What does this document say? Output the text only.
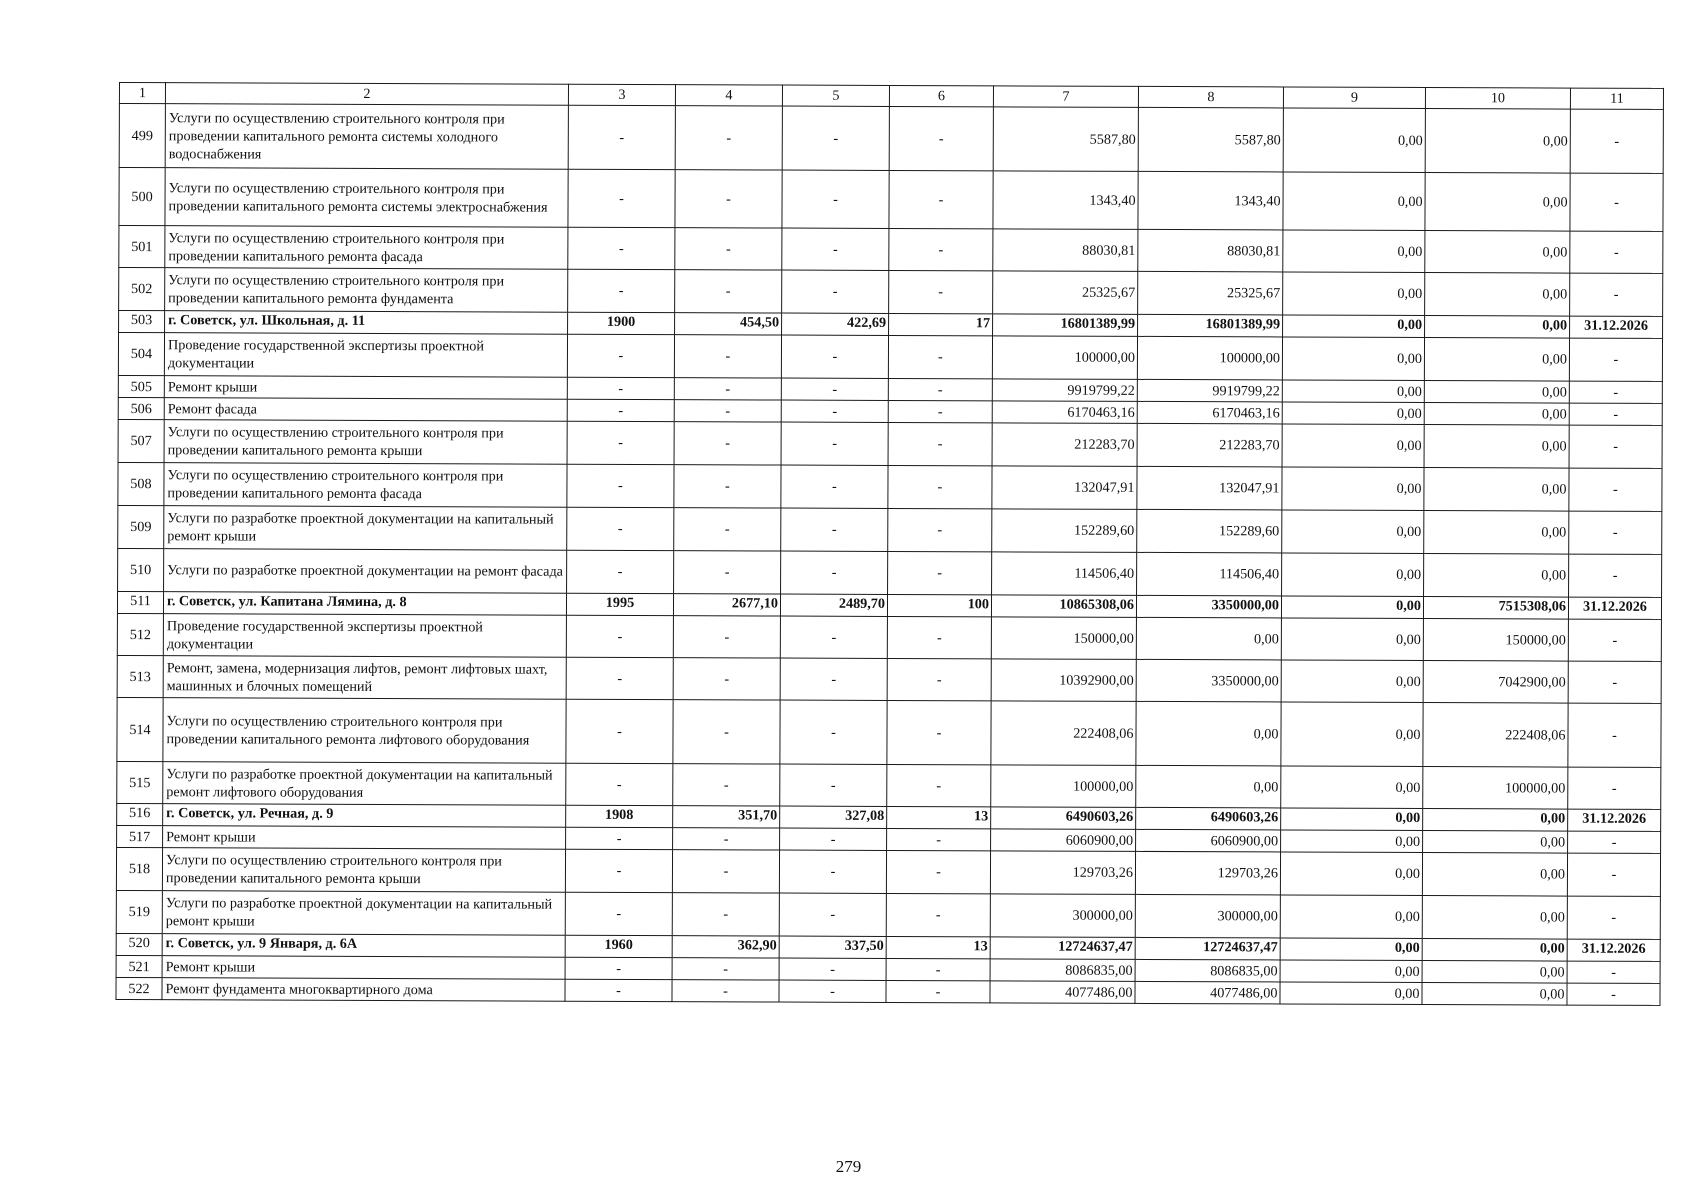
1	2	3	4	5	6	7	8	9	10	11
499	Услуги по осуществлению строительного контроля при проведении капитального ремонта системы холодного водоснабжения	-	-	-	-	5587,80	5587,80	0,00	0,00	-
500	Услуги по осуществлению строительного контроля при проведении капитального ремонта системы электроснабжения	-	-	-	-	1343,40	1343,40	0,00	0,00	-
501	Услуги по осуществлению строительного контроля при проведении капитального ремонта фасада	-	-	-	-	88030,81	88030,81	0,00	0,00	-
502	Услуги по осуществлению строительного контроля при проведении капитального ремонта фундамента	-	-	-	-	25325,67	25325,67	0,00	0,00	-
503	г. Советск, ул. Школьная, д. 11	1900	454,50	422,69	17	16801389,99	16801389,99	0,00	0,00	31.12.2026
504	Проведение государственной экспертизы проектной документации	-	-	-	-	100000,00	100000,00	0,00	0,00	-
505	Ремонт крыши	-	-	-	-	9919799,22	9919799,22	0,00	0,00	-
506	Ремонт фасада	-	-	-	-	6170463,16	6170463,16	0,00	0,00	-
507	Услуги по осуществлению строительного контроля при проведении капитального ремонта крыши	-	-	-	-	212283,70	212283,70	0,00	0,00	-
508	Услуги по осуществлению строительного контроля при проведении капитального ремонта фасада	-	-	-	-	132047,91	132047,91	0,00	0,00	-
509	Услуги по разработке проектной документации на капитальный ремонт крыши	-	-	-	-	152289,60	152289,60	0,00	0,00	-
510	Услуги по разработке проектной документации на ремонт фасада	-	-	-	-	114506,40	114506,40	0,00	0,00	-
511	г. Советск, ул. Капитана Лямина, д. 8	1995	2677,10	2489,70	100	10865308,06	3350000,00	0,00	7515308,06	31.12.2026
512	Проведение государственной экспертизы проектной документации	-	-	-	-	150000,00	0,00	0,00	150000,00	-
513	Ремонт, замена, модернизация лифтов, ремонт лифтовых шахт, машинных и блочных помещений	-	-	-	-	10392900,00	3350000,00	0,00	7042900,00	-
514	Услуги по осуществлению строительного контроля при проведении капитального ремонта лифтового оборудования	-	-	-	-	222408,06	0,00	0,00	222408,06	-
515	Услуги по разработке проектной документации на капитальный ремонт лифтового оборудования	-	-	-	-	100000,00	0,00	0,00	100000,00	-
516	г. Советск, ул. Речная, д. 9	1908	351,70	327,08	13	6490603,26	6490603,26	0,00	0,00	31.12.2026
517	Ремонт крыши	-	-	-	-	6060900,00	6060900,00	0,00	0,00	-
518	Услуги по осуществлению строительного контроля при проведении капитального ремонта крыши	-	-	-	-	129703,26	129703,26	0,00	0,00	-
519	Услуги по разработке проектной документации на капитальный ремонт крыши	-	-	-	-	300000,00	300000,00	0,00	0,00	-
520	г. Советск, ул. 9 Января, д. 6А	1960	362,90	337,50	13	12724637,47	12724637,47	0,00	0,00	31.12.2026
521	Ремонт крыши	-	-	-	-	8086835,00	8086835,00	0,00	0,00	-
522	Ремонт фундамента многоквартирного дома	-	-	-	-	4077486,00	4077486,00	0,00	0,00	-
279
